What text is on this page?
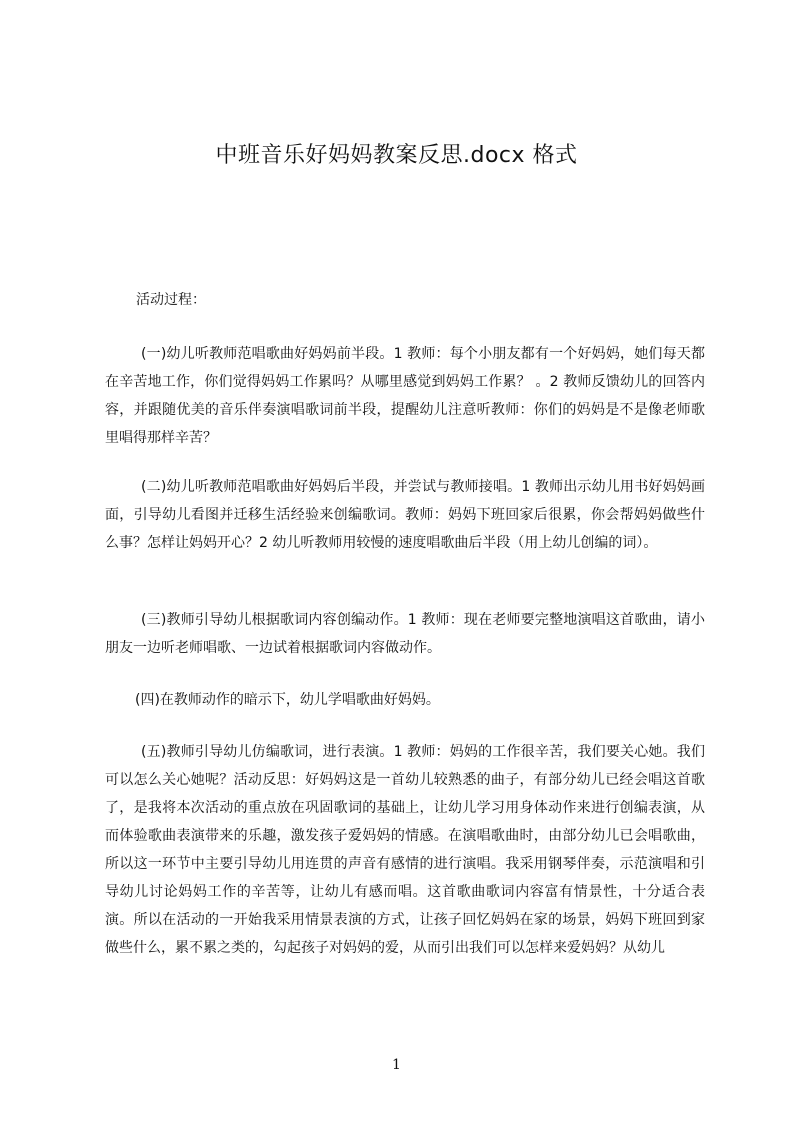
中班音乐好妈妈教案反思.docx 格式
活动过程：
(一)幼儿听教师范唱歌曲好妈妈前半段。1 教师：每个小朋友都有一个好妈妈，她们每天都在辛苦地工作，你们觉得妈妈工作累吗？从哪里感觉到妈妈工作累？ 。2 教师反馈幼儿的回答内容，并跟随优美的音乐伴奏演唱歌词前半段，提醒幼儿注意听教师：你们的妈妈是不是像老师歌里唱得那样辛苦？
(二)幼儿听教师范唱歌曲好妈妈后半段，并尝试与教师接唱。1 教师出示幼儿用书好妈妈画面，引导幼儿看图并迁移生活经验来创编歌词。教师：妈妈下班回家后很累，你会帮妈妈做些什么事？怎样让妈妈开心？2 幼儿听教师用较慢的速度唱歌曲后半段（用上幼儿创编的词）。
(三)教师引导幼儿根据歌词内容创编动作。1 教师：现在老师要完整地演唱这首歌曲，请小朋友一边听老师唱歌、一边试着根据歌词内容做动作。
(四)在教师动作的暗示下，幼儿学唱歌曲好妈妈。
(五)教师引导幼儿仿编歌词，进行表演。1 教师：妈妈的工作很辛苦，我们要关心她。我们可以怎么关心她呢？活动反思：好妈妈这是一首幼儿较熟悉的曲子，有部分幼儿已经会唱这首歌了，是我将本次活动的重点放在巩固歌词的基础上，让幼儿学习用身体动作来进行创编表演，从而体验歌曲表演带来的乐趣，激发孩子爱妈妈的情感。在演唱歌曲时，由部分幼儿已会唱歌曲，所以这一环节中主要引导幼儿用连贯的声音有感情的进行演唱。我采用钢琴伴奏，示范演唱和引导幼儿讨论妈妈工作的辛苦等，让幼儿有感而唱。这首歌曲歌词内容富有情景性，十分适合表演。所以在活动的一开始我采用情景表演的方式，让孩子回忆妈妈在家的场景，妈妈下班回到家做些什么，累不累之类的，勾起孩子对妈妈的爱，从而引出我们可以怎样来爱妈妈？从幼儿
1
